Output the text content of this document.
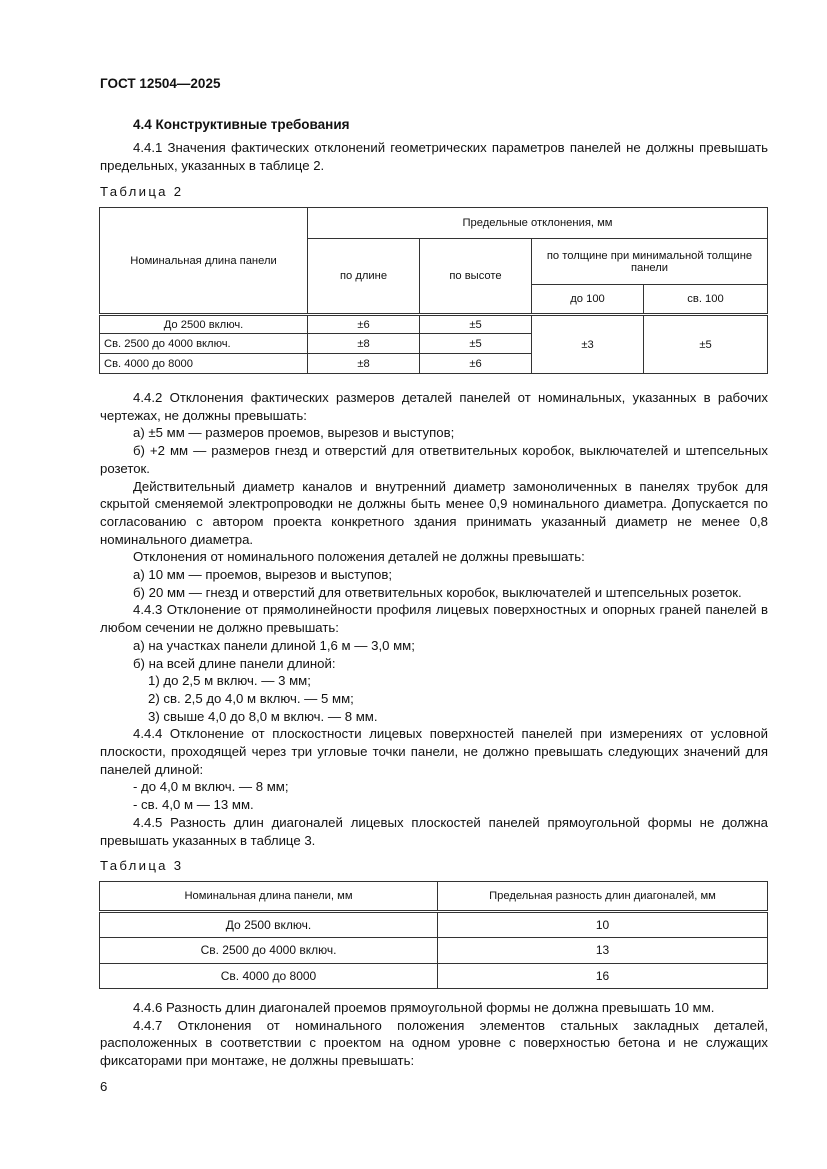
ГОСТ 12504—2025
4.4 Конструктивные требования

4.4.1 Значения фактических отклонений геометрических параметров панелей не должны превышать предельных, указанных в таблице 2.

Таблица 2
Номинальная длина панели	Предельные отклонения, мм			
	по длине	по высоте	по толщине при минимальной толщине панели	
			до 100	св. 100
До 2500 включ.	±6	±5	±3	±5
Св. 2500 до 4000 включ.	±8	±5		
Св. 4000 до 8000	±8	±6		

4.4.2 Отклонения фактических размеров деталей панелей от номинальных, указанных в рабочих чертежах, не должны превышать:

а) ±5 мм — размеров проемов, вырезов и выступов;

б) +2 мм — размеров гнезд и отверстий для ответвительных коробок, выключателей и штепсельных розеток.

Действительный диаметр каналов и внутренний диаметр замоноличенных в панелях трубок для скрытой сменяемой электропроводки не должны быть менее 0,9 номинального диаметра. Допускается по согласованию с автором проекта конкретного здания принимать указанный диаметр не менее 0,8 номинального диаметра.

Отклонения от номинального положения деталей не должны превышать:

а) 10 мм — проемов, вырезов и выступов;

б) 20 мм — гнезд и отверстий для ответвительных коробок, выключателей и штепсельных розеток.

4.4.3 Отклонение от прямолинейности профиля лицевых поверхностных и опорных граней панелей в любом сечении не должно превышать:

а) на участках панели длиной 1,6 м — 3,0 мм;

б) на всей длине панели длиной:

1) до 2,5 м включ. — 3 мм;

2) св. 2,5 до 4,0 м включ. — 5 мм;

3) свыше 4,0 до 8,0 м включ. — 8 мм.

4.4.4 Отклонение от плоскостности лицевых поверхностей панелей при измерениях от условной плоскости, проходящей через три угловые точки панели, не должно превышать следующих значений для панелей длиной:

- до 4,0 м включ. — 8 мм;

- св. 4,0 м — 13 мм.

4.4.5 Разность длин диагоналей лицевых плоскостей панелей прямоугольной формы не должна превышать указанных в таблице 3.

Таблица 3
Номинальная длина панели, мм	Предельная разность длин диагоналей, мм
До 2500 включ.	10
Св. 2500 до 4000 включ.	13
Св. 4000 до 8000	16

4.4.6 Разность длин диагоналей проемов прямоугольной формы не должна превышать 10 мм.

4.4.7 Отклонения от номинального положения элементов стальных закладных деталей, расположенных в соответствии с проектом на одном уровне с поверхностью бетона и не служащих фиксаторами при монтаже, не должны превышать:

6
